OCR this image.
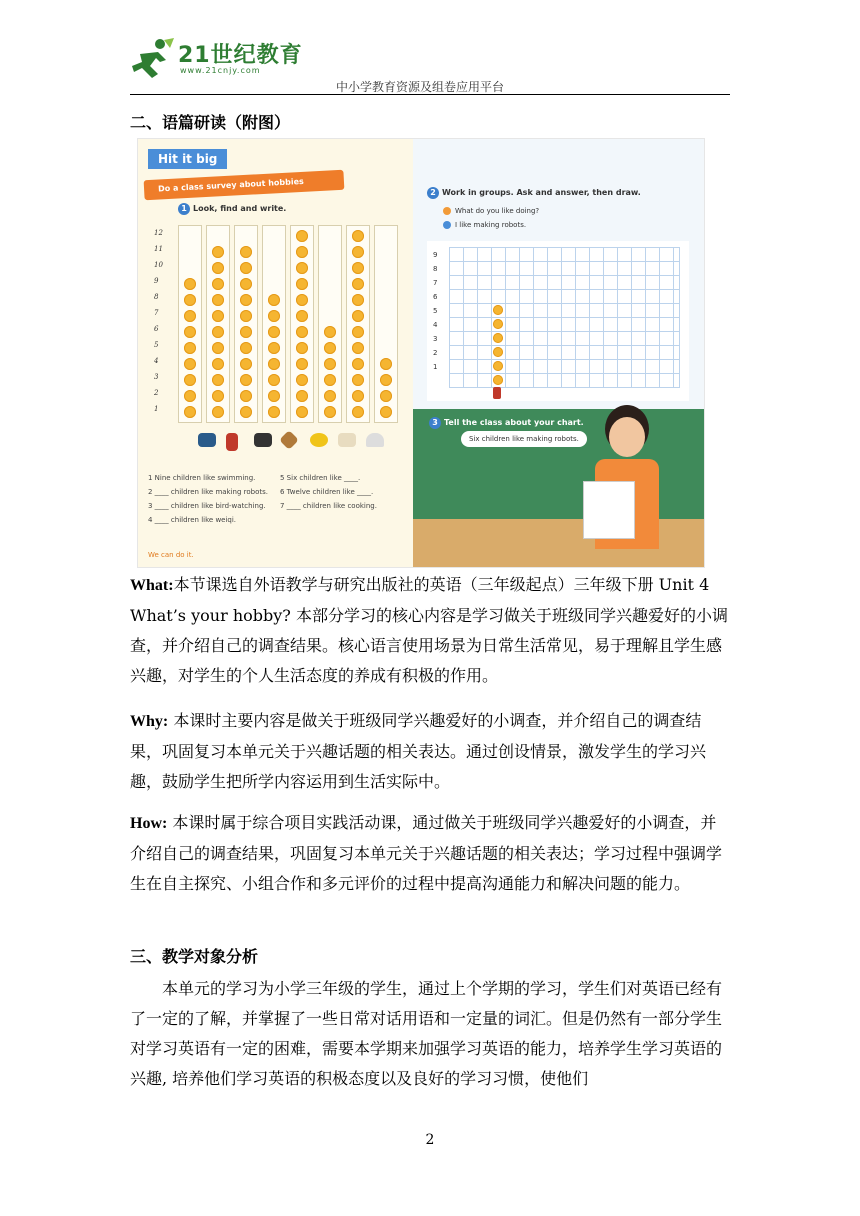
21世纪教育
www.21cnjy.com
中小学教育资源及组卷应用平台
二、语篇研读（附图）
Hit it big
Do a class survey about hobbies
1 Look, find and write.
12
11
10
9
8
7
6
5
4
3
2
1
1 Nine children like swimming.
2 ____ children like making robots.
3 ____ children like bird-watching.
4 ____ children like weiqi.
5 Six children like ____.
6 Twelve children like ____.
7 ____ children like cooking.
We can do it.
2 Work in groups. Ask and answer, then draw.
What do you like doing?
I like making robots.
9
8
7
6
5
4
3
2
1
3 Tell the class about your chart.
Six children like making robots.

What:本节课选自外语教学与研究出版社的英语（三年级起点）三年级下册 Unit 4 What’s your hobby? 本部分学习的核心内容是学习做关于班级同学兴趣爱好的小调查，并介绍自己的调查结果。核心语言使用场景为日常生活常见，易于理解且学生感兴趣，对学生的个人生活态度的养成有积极的作用。

Why: 本课时主要内容是做关于班级同学兴趣爱好的小调查，并介绍自己的调查结果，巩固复习本单元关于兴趣话题的相关表达。通过创设情景，激发学生的学习兴趣，鼓励学生把所学内容运用到生活实际中。

How: 本课时属于综合项目实践活动课，通过做关于班级同学兴趣爱好的小调查，并介绍自己的调查结果，巩固复习本单元关于兴趣话题的相关表达；学习过程中强调学生在自主探究、小组合作和多元评价的过程中提高沟通能力和解决问题的能力。

三、教学对象分析

本单元的学习为小学三年级的学生，通过上个学期的学习，学生们对英语已经有了一定的了解，并掌握了一些日常对话用语和一定量的词汇。但是仍然有一部分学生对学习英语有一定的困难，需要本学期来加强学习英语的能力，培养学生学习英语的兴趣, 培养他们学习英语的积极态度以及良好的学习习惯，使他们

2
